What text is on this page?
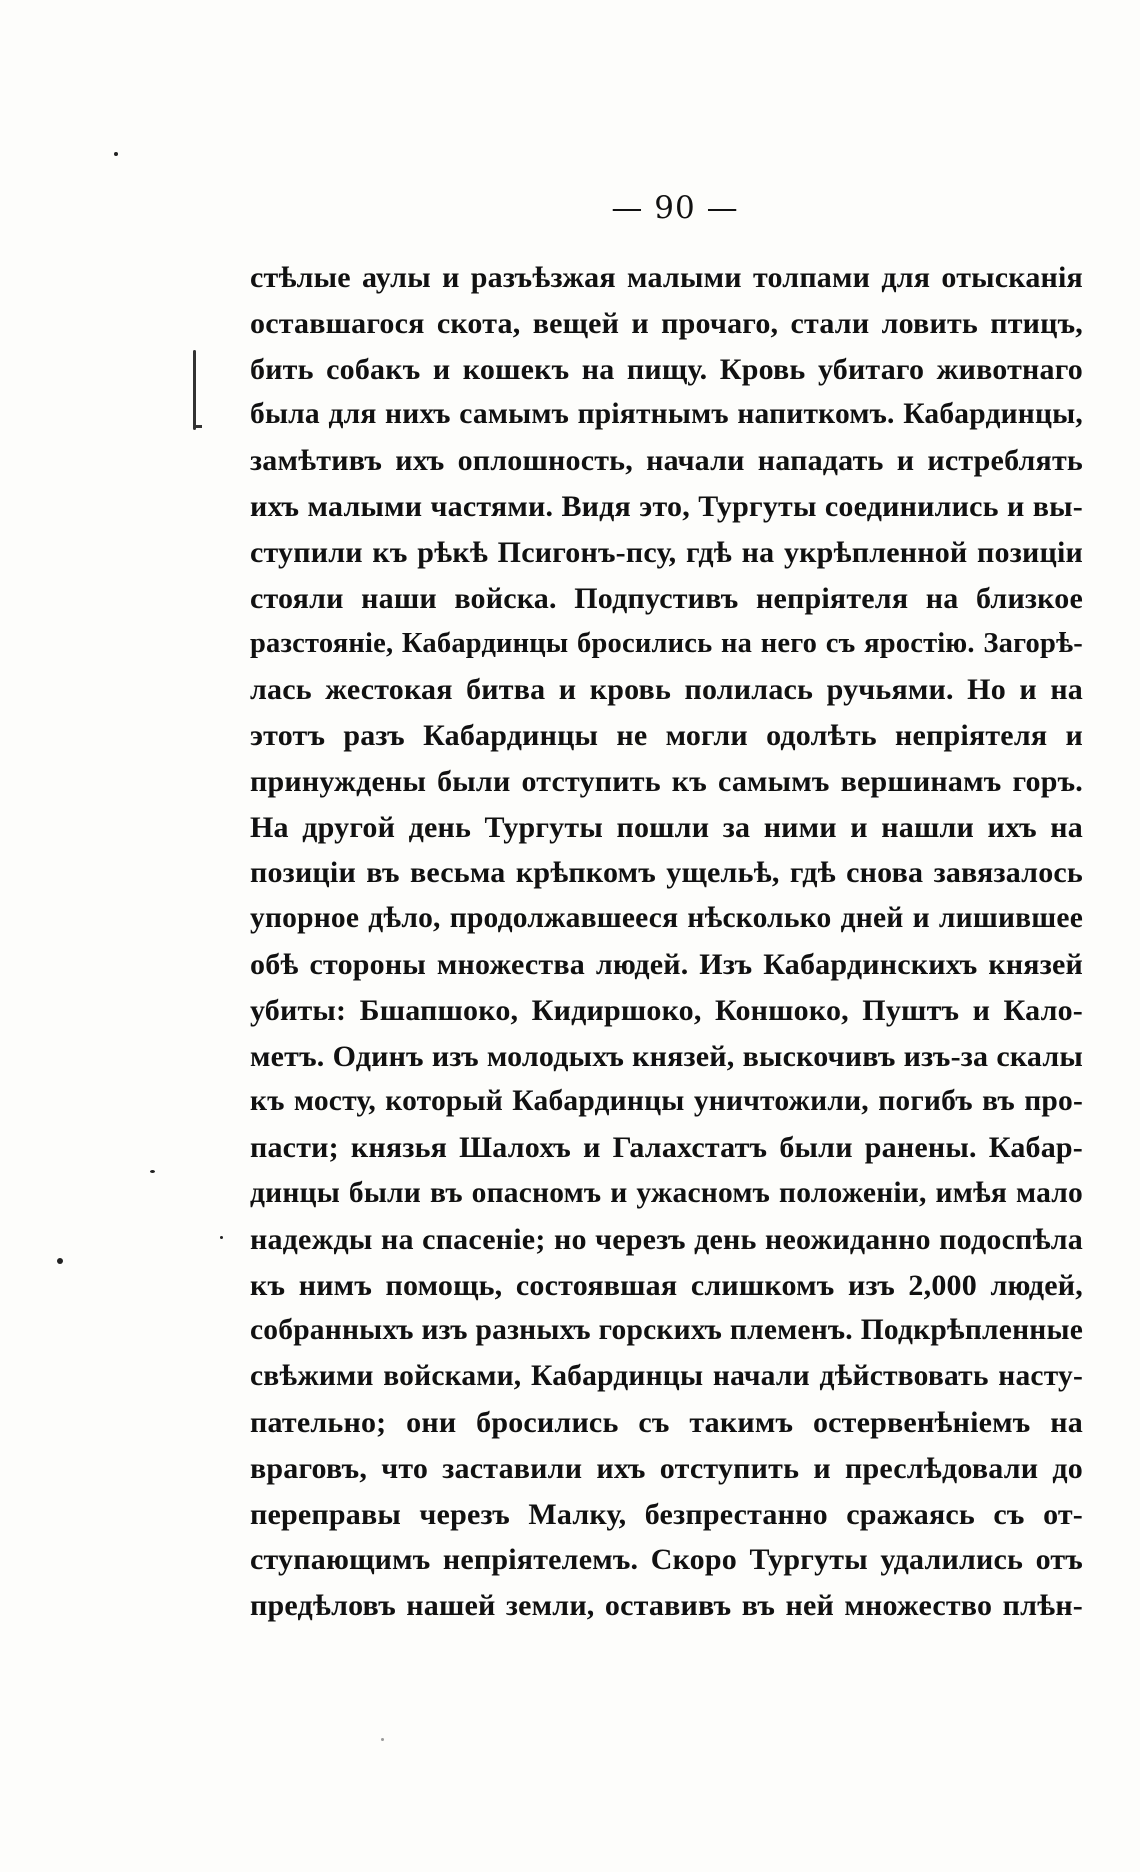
— 90 —
стѣлые аулы и разъѣзжая малыми толпами для отысканія
оставшагося скота, вещей и прочаго, стали ловить птицъ,
бить собакъ и кошекъ на пищу. Кровь убитаго животнаго
была для нихъ самымъ пріятнымъ напиткомъ. Кабардинцы,
замѣтивъ ихъ оплошность, начали нападать и истреблять
ихъ малыми частями. Видя это, Тургуты соединились и вы-
ступили къ рѣкѣ Псигонъ-псу, гдѣ на укрѣпленной позиціи
стояли наши войска. Подпустивъ непріятеля на близкое
разстояніе, Кабардинцы бросились на него съ яростію. Загорѣ-
лась жестокая битва и кровь полилась ручьями. Но и на
этотъ разъ Кабардинцы не могли одолѣть непріятеля и
принуждены были отступить къ самымъ вершинамъ горъ.
На другой день Тургуты пошли за ними и нашли ихъ на
позиціи въ весьма крѣпкомъ ущельѣ, гдѣ снова завязалось
упорное дѣло, продолжавшееся нѣсколько дней и лишившее
обѣ стороны множества людей. Изъ Кабардинскихъ князей
убиты: Бшапшоко, Кидиршоко, Коншоко, Пуштъ и Кало-
метъ. Одинъ изъ молодыхъ князей, выскочивъ изъ-за скалы
къ мосту, который Кабардинцы уничтожили, погибъ въ про-
пасти; князья Шалохъ и Галахстатъ были ранены. Кабар-
динцы были въ опасномъ и ужасномъ положеніи, имѣя мало
надежды на спасеніе; но черезъ день неожиданно подоспѣла
къ нимъ помощь, состоявшая слишкомъ изъ 2,000 людей,
собранныхъ изъ разныхъ горскихъ племенъ. Подкрѣпленные
свѣжими войсками, Кабардинцы начали дѣйствовать насту-
пательно; они бросились съ такимъ остервенѣніемъ на
враговъ, что заставили ихъ отступить и преслѣдовали до
переправы черезъ Малку, безпрестанно сражаясь съ от-
ступающимъ непріятелемъ. Скоро Тургуты удалились отъ
предѣловъ нашей земли, оставивъ въ ней множество плѣн-
